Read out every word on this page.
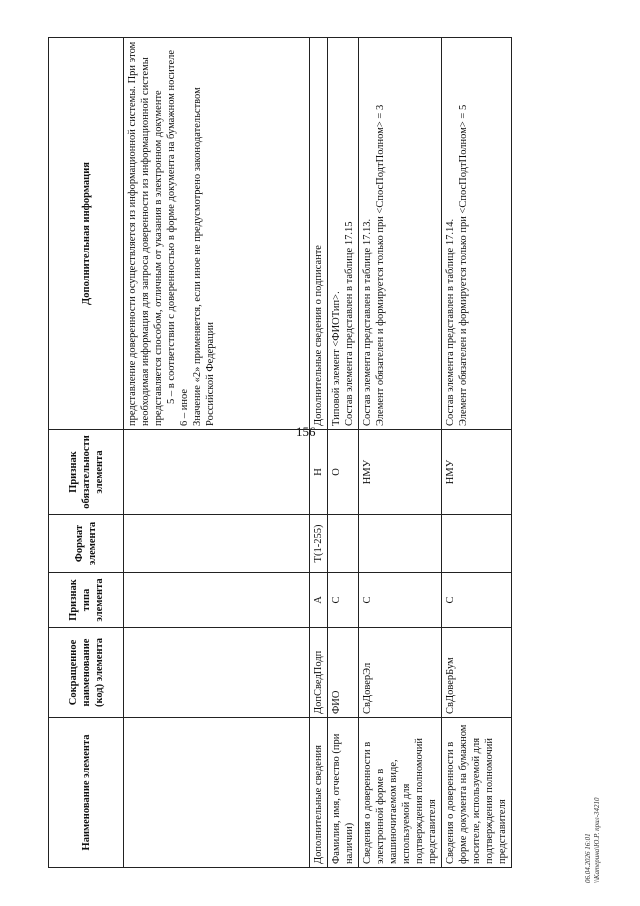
156
Наименование элемента	Сокращенное наименование (код) элемента	Признак типа элемента	Формат элемента	Признак обязательности элемента	Дополнительная информация

					представление доверенности осуществляется из информационной системы. При этом необходимая информация для запроса доверенности из информационной системы представляется способом, отличным от указания в электронном документе 5 – в соответствии с доверенностью в форме документа на бумажном носителе
6 – иное Значение «2» применяется, если иное не предусмотрено законодательством Российской Федерации

Дополнительные сведения	ДопСведПодп	А	T(1-255)	Н	Дополнительные сведения о подписанте

Фамилия, имя, отчество (при наличии)	ФИО	С		О	Типовой элемент <ФИОТип>. Состав элемента представлен в таблице 17.15

Сведения о доверенности в электронной форме в машиночитаемом виде, используемой для подтверждения полномочий представителя	СвДоверЭл	С		НМУ	Состав элемента представлен в таблице 17.13. Элемент обязателен и формируется только при <СпосПодтПолном> = 3

Сведения о доверенности в форме документа на бумажном носителе, используемой для подтверждения полномочий представителя	СвДоверБум	С		НМУ	Состав элемента представлен в таблице 17.14. Элемент обязателен и формируется только при <СпосПодтПолном> = 5
06.04.2026 16:01 \\Катерина\Ю.Р. прил-34210
